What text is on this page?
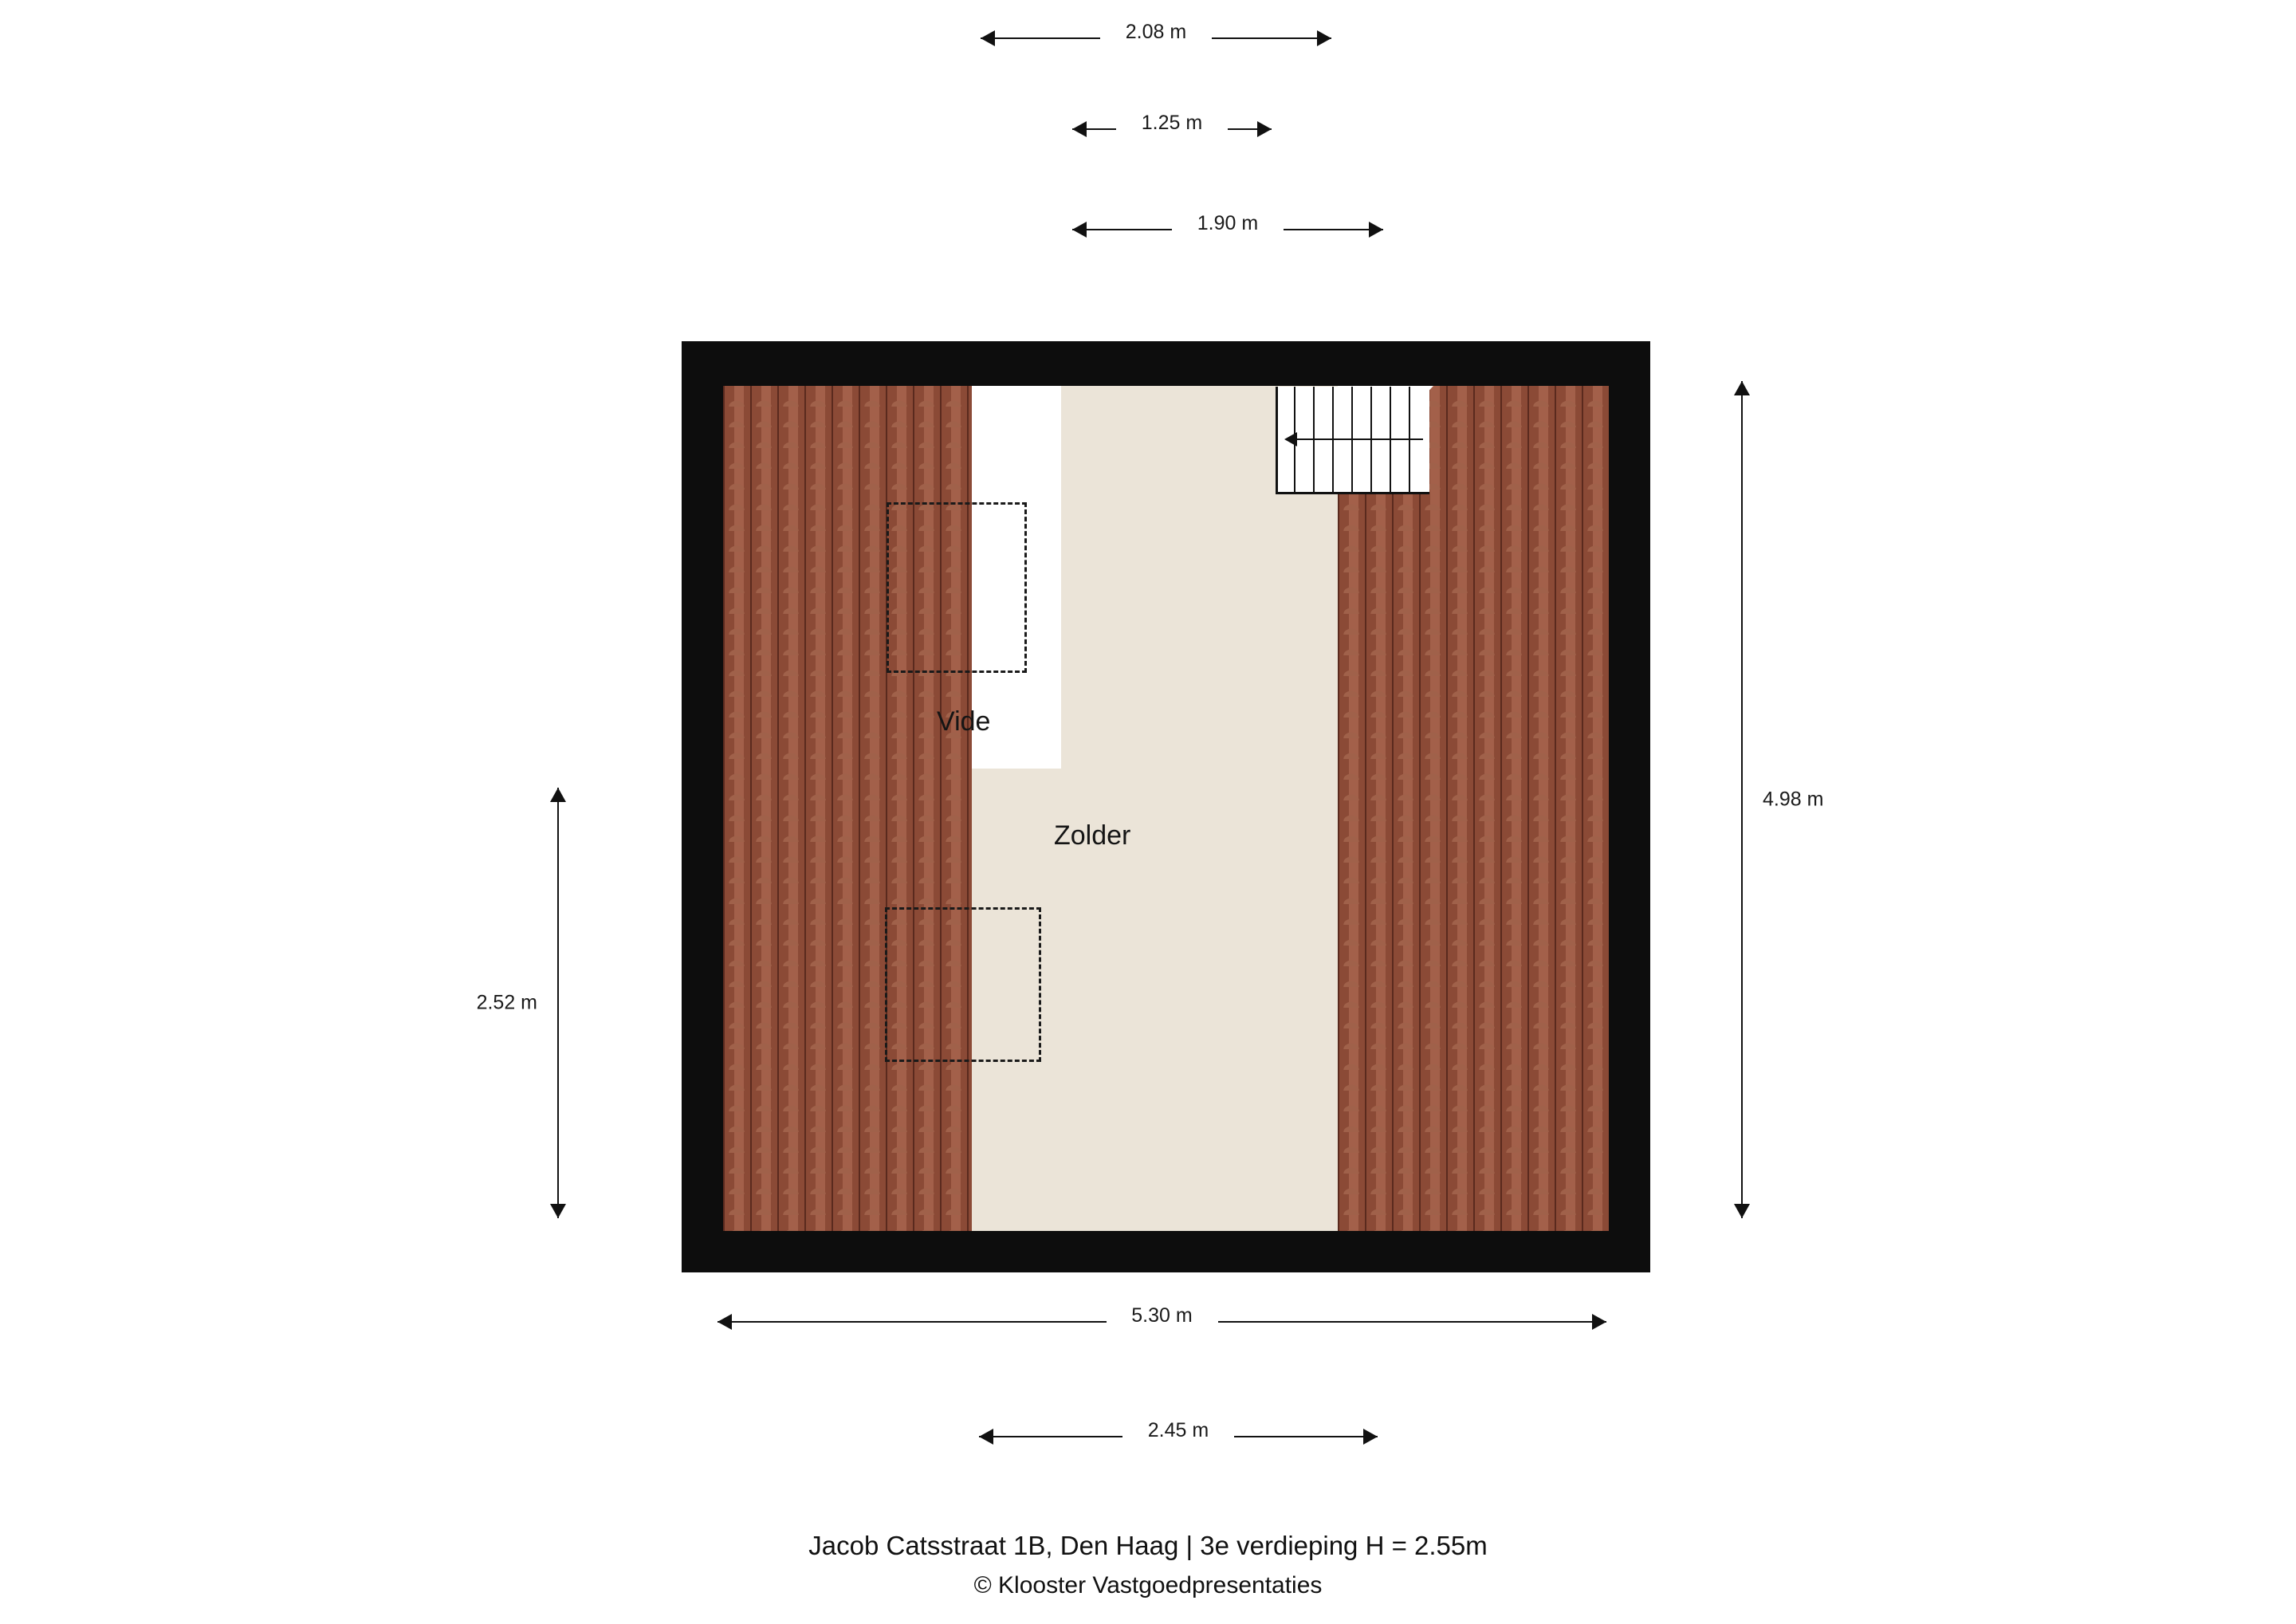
2.08 m
1.25 m
1.90 m
4.98 m
2.52 m
5.30 m
2.45 m
Vide
Zolder
Jacob Catsstraat 1B, Den Haag | 3e verdieping H = 2.55m
© Klooster Vastgoedpresentaties
